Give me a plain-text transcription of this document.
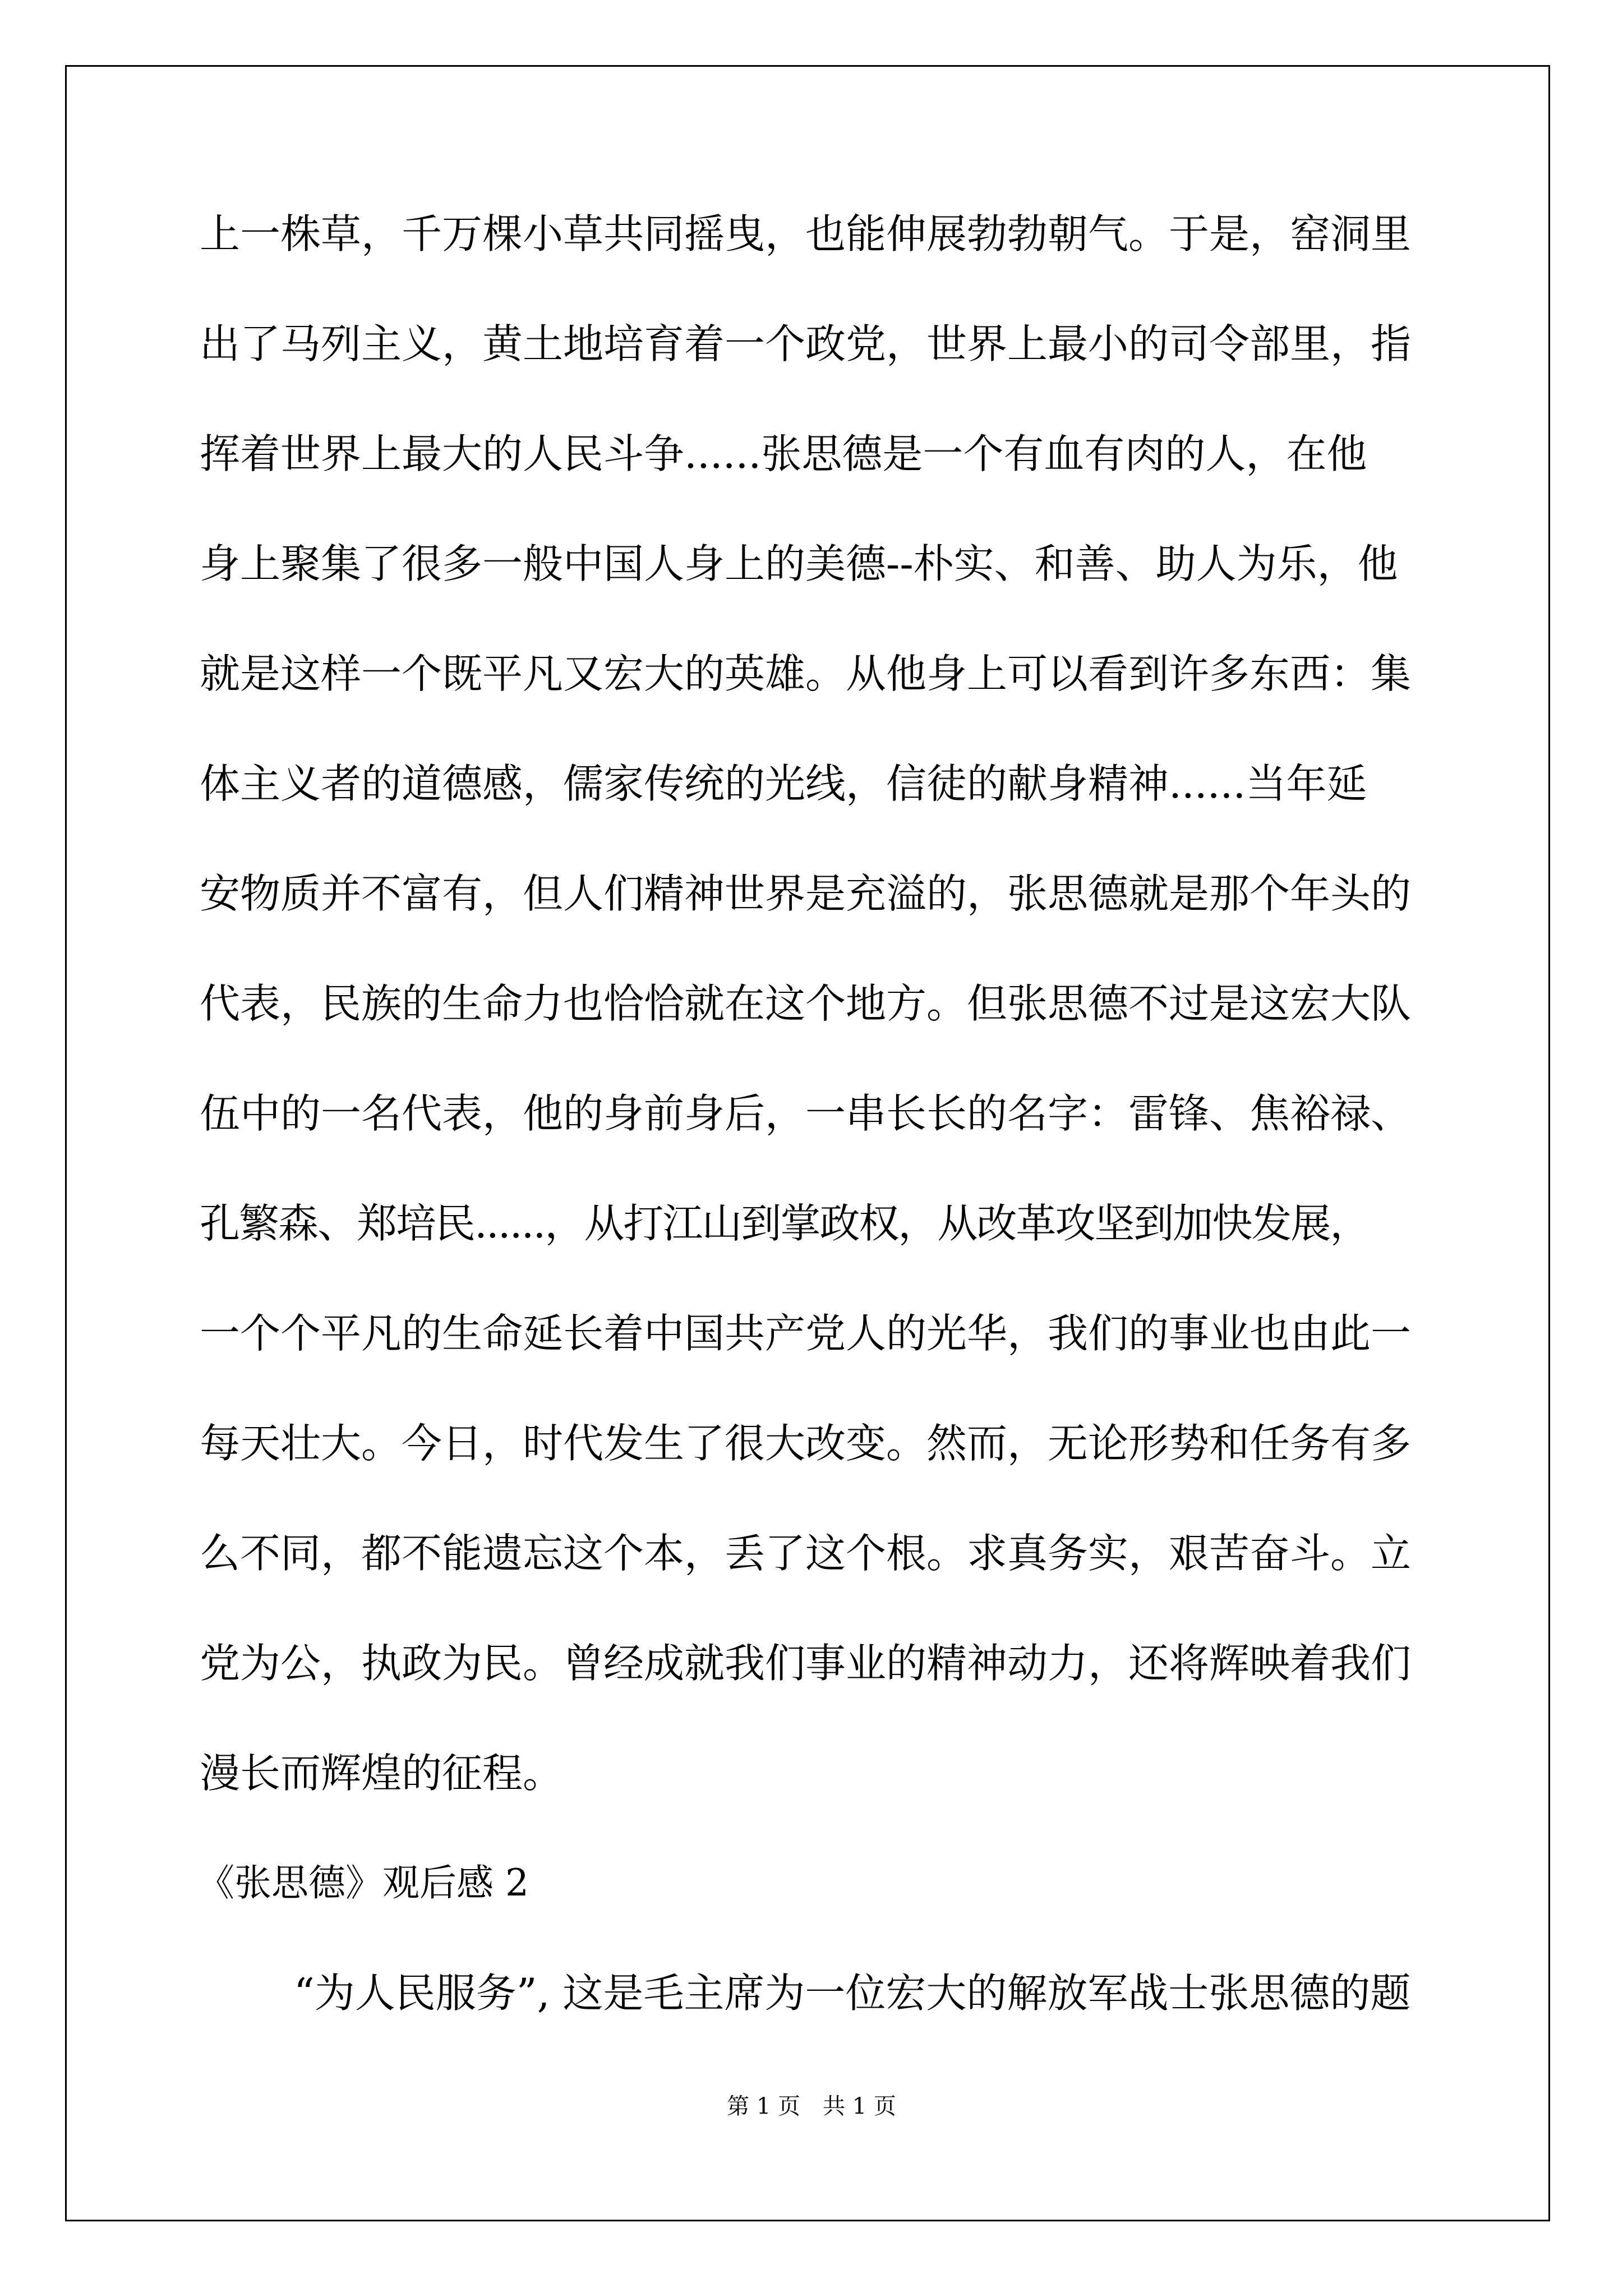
上一株草，千万棵小草共同摇曳，也能伸展勃勃朝气。于是，窑洞里
出了马列主义，黄土地培育着一个政党，世界上最小的司令部里，指
挥着世界上最大的人民斗争......张思德是一个有血有肉的人，在他
身上聚集了很多一般中国人身上的美德--朴实、和善、助人为乐，他
就是这样一个既平凡又宏大的英雄。从他身上可以看到许多东西：集
体主义者的道德感，儒家传统的光线，信徒的献身精神......当年延
安物质并不富有，但人们精神世界是充溢的，张思德就是那个年头的
代表，民族的生命力也恰恰就在这个地方。但张思德不过是这宏大队
伍中的一名代表，他的身前身后，一串长长的名字：雷锋、焦裕禄、
孔繁森、郑培民......，从打江山到掌政权，从改革攻坚到加快发展，
一个个平凡的生命延长着中国共产党人的光华，我们的事业也由此一
每天壮大。今日，时代发生了很大改变。然而，无论形势和任务有多
么不同，都不能遗忘这个本，丢了这个根。求真务实，艰苦奋斗。立
党为公，执政为民。曾经成就我们事业的精神动力，还将辉映着我们
漫长而辉煌的征程。
《张思德》观后感 2
“为人民服务”, 这是毛主席为一位宏大的解放军战士张思德的题
第 1 页 共 1 页
